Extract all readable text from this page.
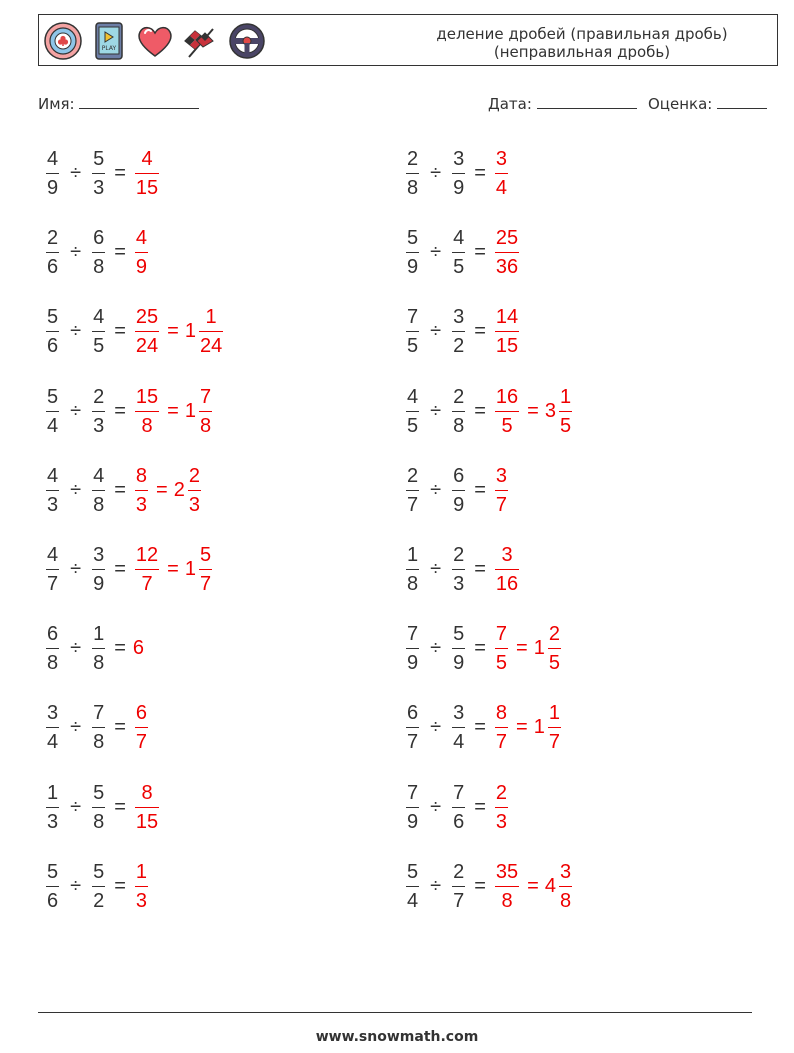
PLAY
деление дробей (правильная дробь)
(неправильная дробь)
Имя:	Дата:	Оценка:
$\frac{4}{9} \div \frac{5}{3} = \frac{4}{15}$	$\frac{2}{8} \div \frac{3}{9} = \frac{3}{4}$
$\frac{2}{6} \div \frac{6}{8} = \frac{4}{9}$	$\frac{5}{9} \div \frac{4}{5} = \frac{25}{36}$
$\frac{5}{6} \div \frac{4}{5} = \frac{25}{24} = 1 \frac{1}{24}$	$\frac{7}{5} \div \frac{3}{2} = \frac{14}{15}$
$\frac{5}{4} \div \frac{2}{3} = \frac{15}{8} = 1 \frac{7}{8}$	$\frac{4}{5} \div \frac{2}{8} = \frac{16}{5} = 3 \frac{1}{5}$
$\frac{4}{3} \div \frac{4}{8} = \frac{8}{3} = 2 \frac{2}{3}$	$\frac{2}{7} \div \frac{6}{9} = \frac{3}{7}$
$\frac{4}{7} \div \frac{3}{9} = \frac{12}{7} = 1 \frac{5}{7}$	$\frac{1}{8} \div \frac{2}{3} = \frac{3}{16}$
$\frac{6}{8} \div \frac{1}{8} = 6$	$\frac{7}{9} \div \frac{5}{9} = \frac{7}{5} = 1 \frac{2}{5}$
$\frac{3}{4} \div \frac{7}{8} = \frac{6}{7}$	$\frac{6}{7} \div \frac{3}{4} = \frac{8}{7} = 1 \frac{1}{7}$
$\frac{1}{3} \div \frac{5}{8} = \frac{8}{15}$	$\frac{7}{9} \div \frac{7}{6} = \frac{2}{3}$
$\frac{5}{6} \div \frac{5}{2} = \frac{1}{3}$	$\frac{5}{4} \div \frac{2}{7} = \frac{35}{8} = 4 \frac{3}{8}$
www.snowmath.com
